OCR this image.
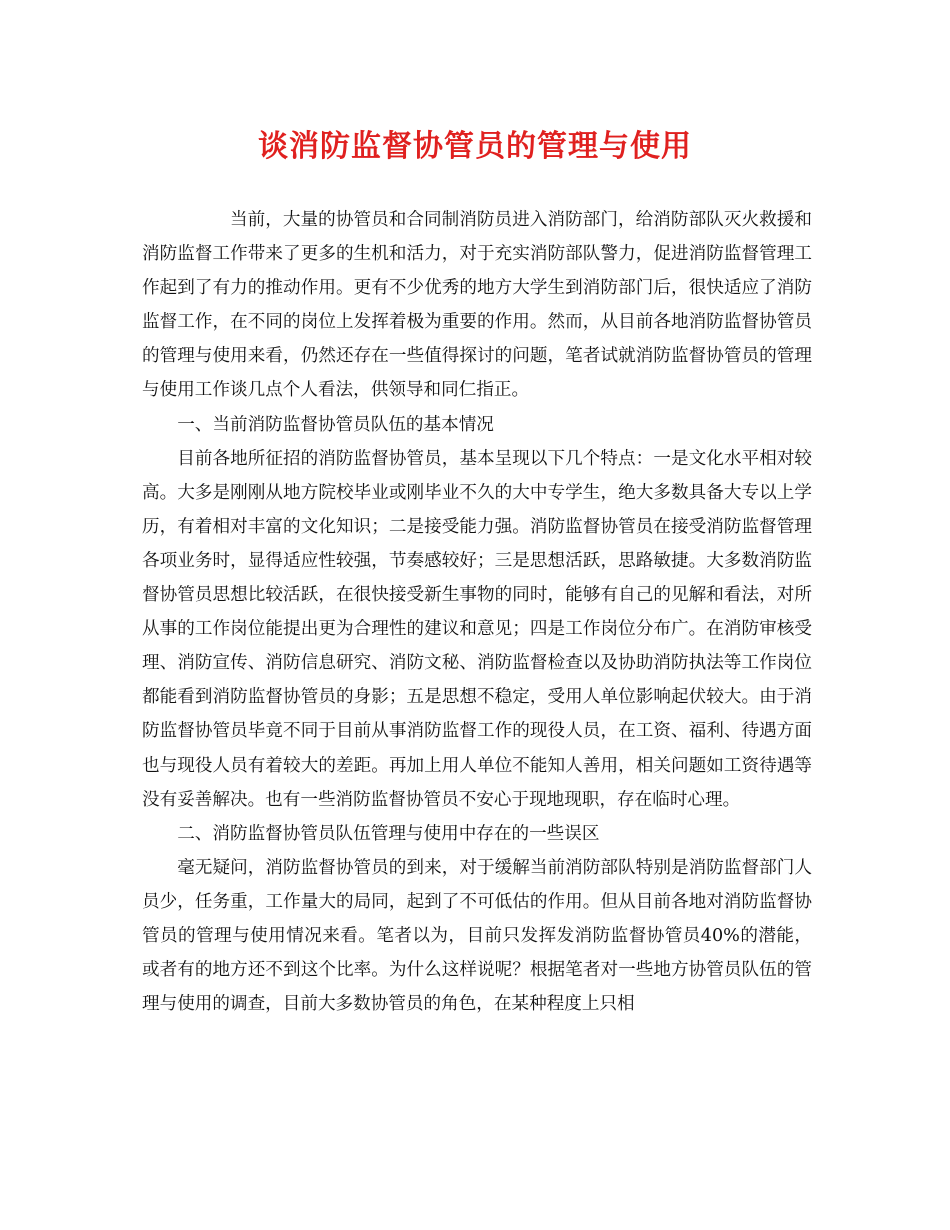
谈消防监督协管员的管理与使用

当前，大量的协管员和合同制消防员进入消防部门，给消防部队灭火救援和消防监督工作带来了更多的生机和活力，对于充实消防部队警力，促进消防监督管理工作起到了有力的推动作用。更有不少优秀的地方大学生到消防部门后，很快适应了消防监督工作，在不同的岗位上发挥着极为重要的作用。然而，从目前各地消防监督协管员的管理与使用来看，仍然还存在一些值得探讨的问题，笔者试就消防监督协管员的管理与使用工作谈几点个人看法，供领导和同仁指正。

一、当前消防监督协管员队伍的基本情况

目前各地所征招的消防监督协管员，基本呈现以下几个特点：一是文化水平相对较高。大多是刚刚从地方院校毕业或刚毕业不久的大中专学生，绝大多数具备大专以上学历，有着相对丰富的文化知识；二是接受能力强。消防监督协管员在接受消防监督管理各项业务时，显得适应性较强，节奏感较好；三是思想活跃，思路敏捷。大多数消防监督协管员思想比较活跃，在很快接受新生事物的同时，能够有自己的见解和看法，对所从事的工作岗位能提出更为合理性的建议和意见；四是工作岗位分布广。在消防审核受理、消防宣传、消防信息研究、消防文秘、消防监督检查以及协助消防执法等工作岗位都能看到消防监督协管员的身影；五是思想不稳定，受用人单位影响起伏较大。由于消防监督协管员毕竟不同于目前从事消防监督工作的现役人员，在工资、福利、待遇方面也与现役人员有着较大的差距。再加上用人单位不能知人善用，相关问题如工资待遇等没有妥善解决。也有一些消防监督协管员不安心于现地现职，存在临时心理。

二、消防监督协管员队伍管理与使用中存在的一些误区

毫无疑问，消防监督协管员的到来，对于缓解当前消防部队特别是消防监督部门人员少，任务重，工作量大的局同，起到了不可低估的作用。但从目前各地对消防监督协管员的管理与使用情况来看。笔者以为，目前只发挥发消防监督协管员40%的潜能，或者有的地方还不到这个比率。为什么这样说呢？根据笔者对一些地方协管员队伍的管理与使用的调查，目前大多数协管员的角色，在某种程度上只相
